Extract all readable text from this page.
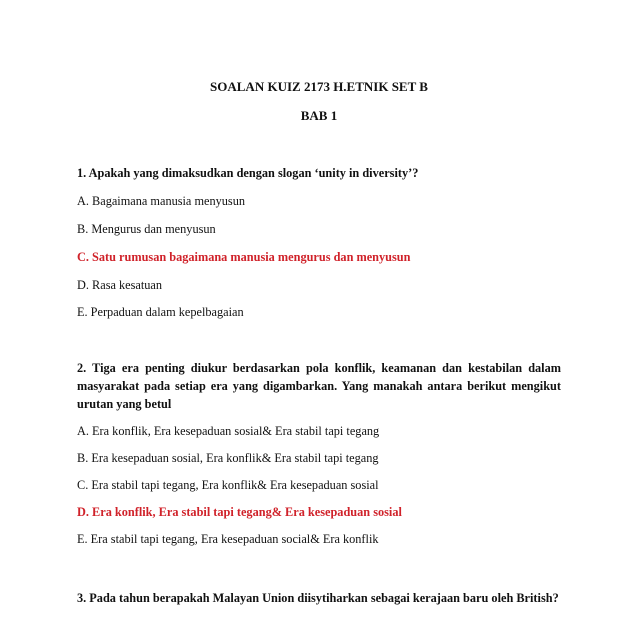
SOALAN KUIZ 2173 H.ETNIK SET B
BAB 1
1. Apakah yang dimaksudkan dengan slogan ‘unity in diversity’?
A. Bagaimana manusia menyusun
B. Mengurus dan menyusun
C. Satu rumusan bagaimana manusia mengurus dan menyusun
D. Rasa kesatuan
E. Perpaduan dalam kepelbagaian
2. Tiga era penting diukur berdasarkan pola konflik, keamanan dan kestabilan dalam masyarakat pada setiap era yang digambarkan. Yang manakah antara berikut mengikut urutan yang betul
A. Era konflik, Era kesepaduan sosial& Era stabil tapi tegang
B. Era kesepaduan sosial, Era konflik& Era stabil tapi tegang
C. Era stabil tapi tegang, Era konflik& Era kesepaduan sosial
D. Era konflik, Era stabil tapi tegang& Era kesepaduan sosial
E. Era stabil tapi tegang, Era kesepaduan social& Era konflik
3. Pada tahun berapakah Malayan Union diisytiharkan sebagai kerajaan baru oleh British?
